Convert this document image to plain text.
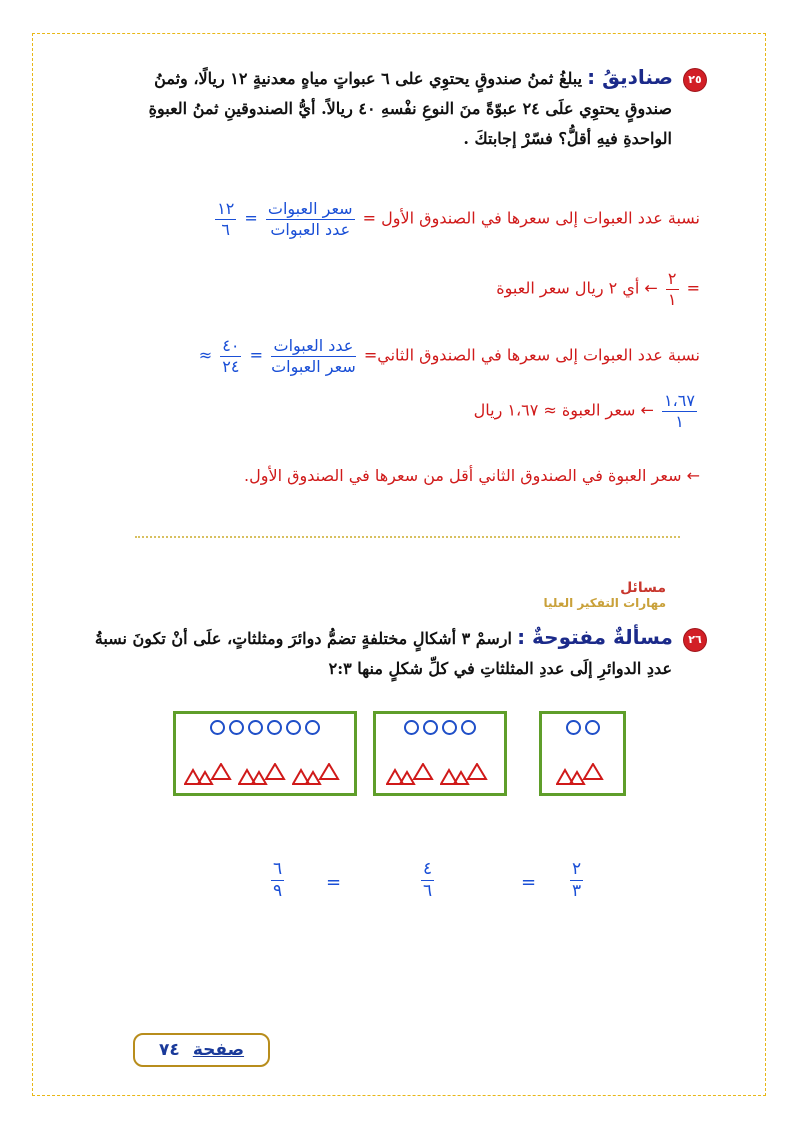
٢٥ صناديقُ : يبلغُ ثمنُ صندوقٍ يحتوِي على ٦ عبواتٍ مياهٍ معدنيةٍ ١٢ ريالًا، وثمنُ
صندوقٍ يحتوِي علَى ٢٤ عبوّةً منَ النوعِ نفْسهِ ٤٠ ريالاً. أيُّ الصندوقينِ ثمنُ العبوةِ
الواحدةِ فيهِ أقلُّ؟ فسّرْ إجابتكَ .
نسبة عدد العبوات إلى سعرها في الصندوق الأول =
$\frac{\text{سعر العبوات}}{\text{عدد العبوات}}$
=
$\frac{١٢}{٦}$
=
$\frac{٢}{١}$
← أي ٢ ريال سعر العبوة
نسبة عدد العبوات إلى سعرها في الصندوق الثاني=
$\frac{\text{عدد العبوات}}{\text{سعر العبوات}}$
=
$\frac{٤٠}{٢٤}$
≈
$\frac{١،٦٧}{١}$
← سعر العبوة ≈ ١،٦٧ ريال
← سعر العبوة في الصندوق الثاني أقل من سعرها في الصندوق الأول.
مسائل
مهارات التفكير العليا
٢٦ مسألةٌ مفتوحةٌ : ارسمْ ٣ أشكالٍ مختلفةٍ تضمُّ دوائرَ ومثلثاتٍ، علَى أنْ تكونَ نسبةُ
عددِ الدوائرِ إلَى عددِ المثلثاتِ في كلِّ شكلٍ منها ٢:٣
$\frac{٦}{٩}$ =	$\frac{٤}{٦}$	= $\frac{٢}{٣}$
صفحة ٧٤
